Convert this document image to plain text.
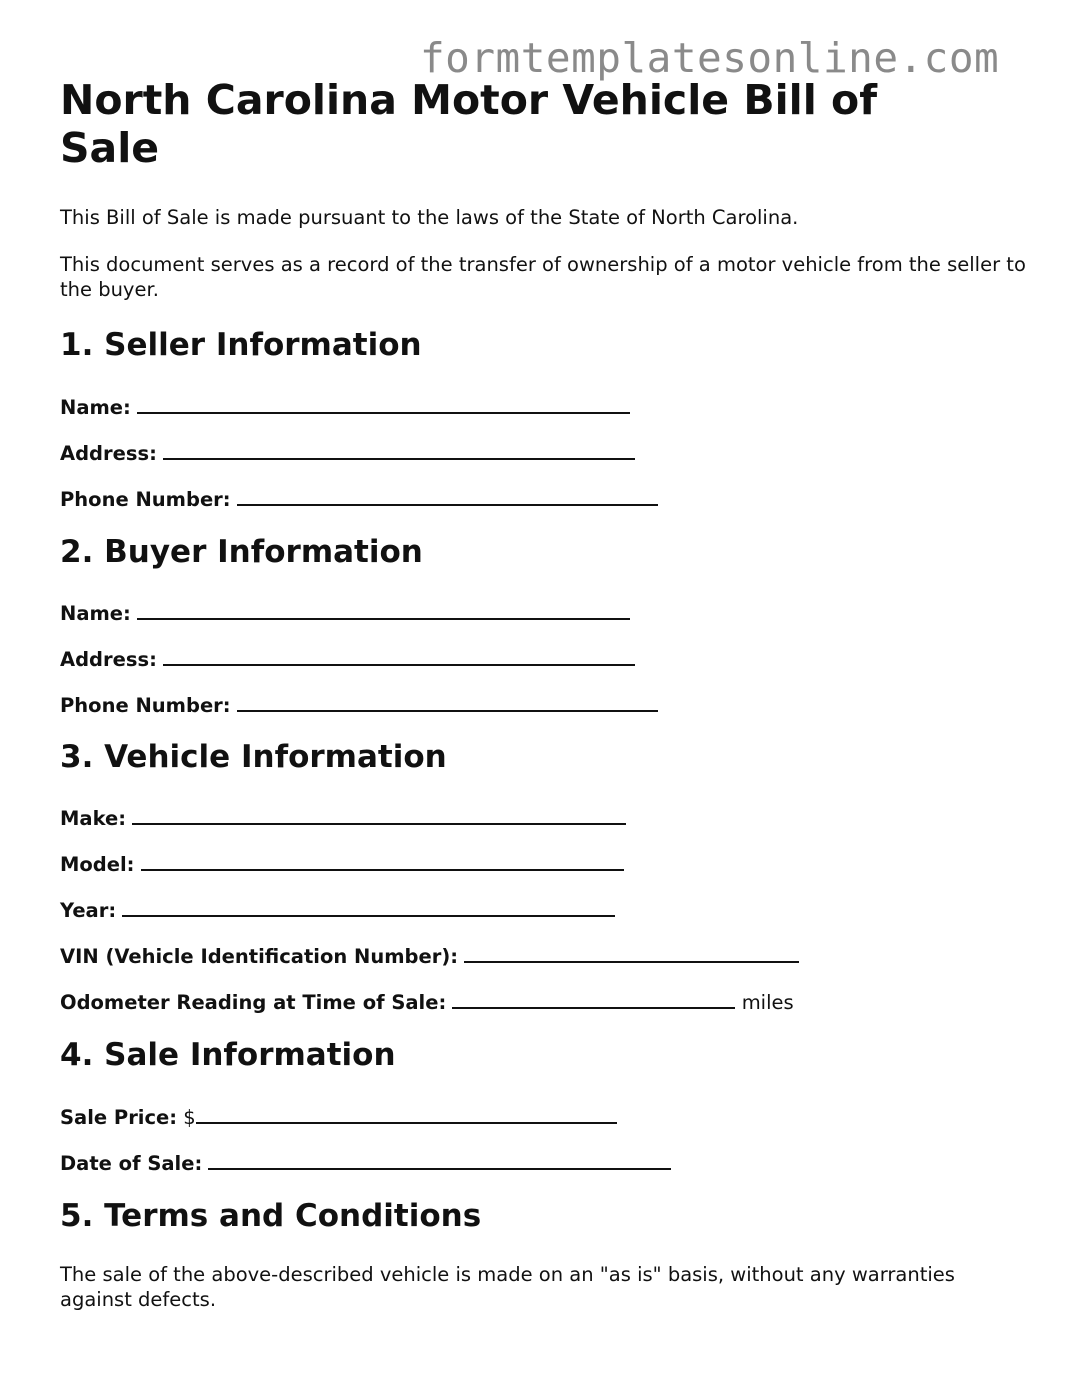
formtemplatesonline.com
North Carolina Motor Vehicle Bill of Sale

This Bill of Sale is made pursuant to the laws of the State of North Carolina.

This document serves as a record of the transfer of ownership of a motor vehicle from the seller to the buyer.

1. Seller Information
Name:
Address:
Phone Number:
2. Buyer Information
Name:
Address:
Phone Number:
3. Vehicle Information
Make:
Model:
Year:
VIN (Vehicle Identification Number):
Odometer Reading at Time of Sale:	miles
4. Sale Information
Sale Price: $
Date of Sale:
5. Terms and Conditions

The sale of the above-described vehicle is made on an "as is" basis, without any warranties against defects.
